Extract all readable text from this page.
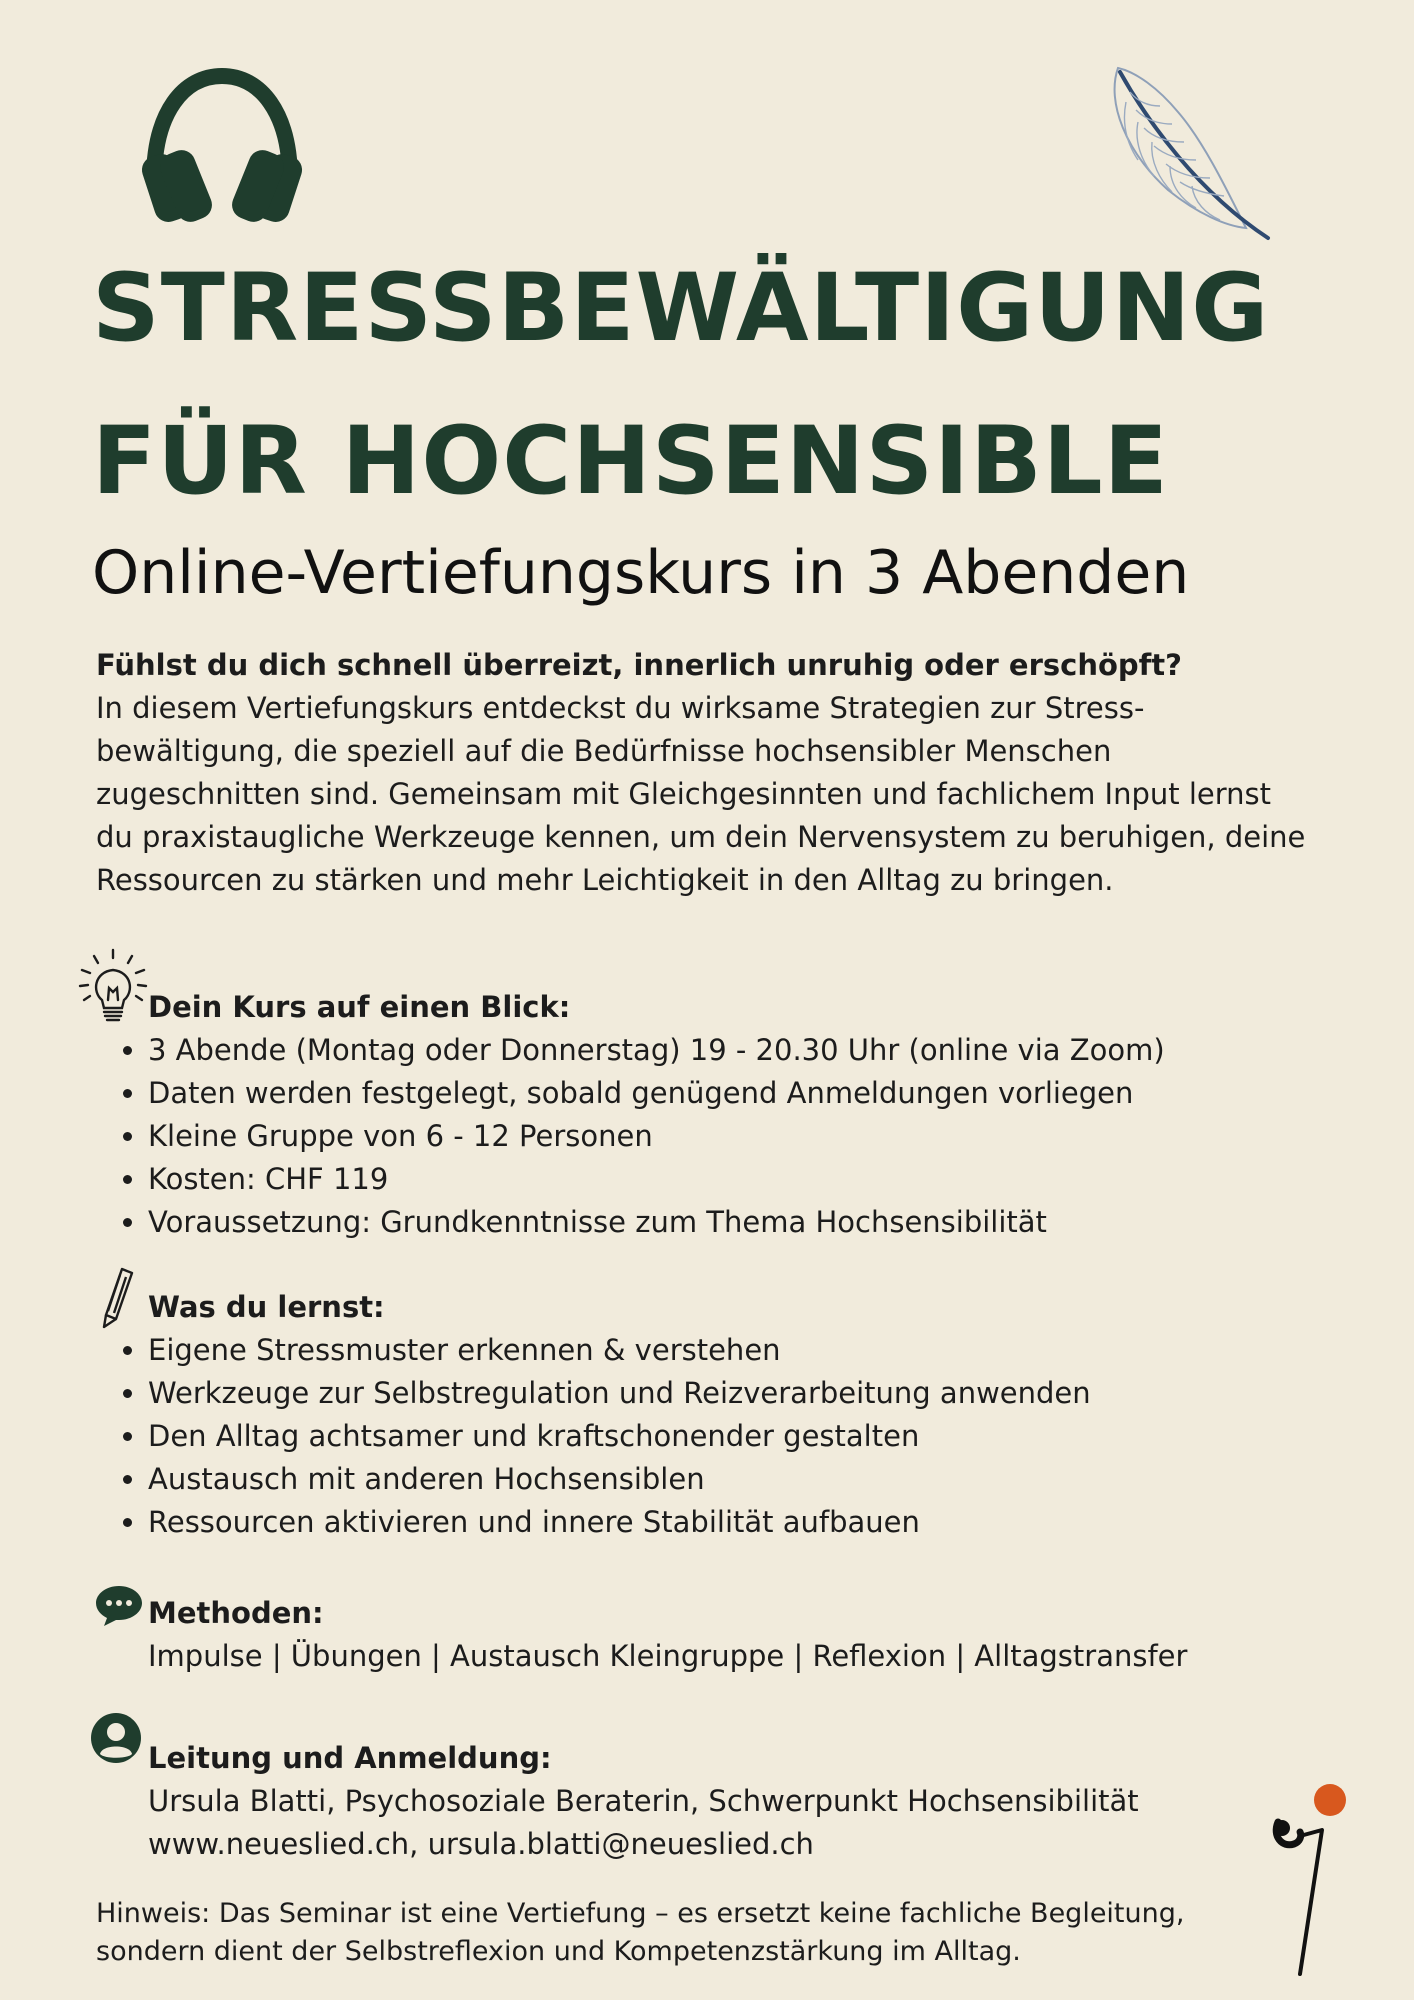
STRESSBEWÄLTIGUNG
FÜR HOCHSENSIBLE
Online-Vertiefungskurs in 3 Abenden
Fühlst du dich schnell überreizt, innerlich unruhig oder erschöpft?
In diesem Vertiefungskurs entdeckst du wirksame Strategien zur Stress-bewältigung, die speziell auf die Bedürfnisse hochsensibler Menschen zugeschnitten sind. Gemeinsam mit Gleichgesinnten und fachlichem Input lernst du praxistaugliche Werkzeuge kennen, um dein Nervensystem zu beruhigen, deine Ressourcen zu stärken und mehr Leichtigkeit in den Alltag zu bringen.
Dein Kurs auf einen Blick:
• 3 Abende (Montag oder Donnerstag) 19 - 20.30 Uhr (online via Zoom)
• Daten werden festgelegt, sobald genügend Anmeldungen vorliegen
• Kleine Gruppe von 6 - 12 Personen
• Kosten: CHF 119
• Voraussetzung: Grundkenntnisse zum Thema Hochsensibilität
Was du lernst:
• Eigene Stressmuster erkennen & verstehen
• Werkzeuge zur Selbstregulation und Reizverarbeitung anwenden
• Den Alltag achtsamer und kraftschonender gestalten
• Austausch mit anderen Hochsensiblen
• Ressourcen aktivieren und innere Stabilität aufbauen
Methoden:
Impulse | Übungen | Austausch Kleingruppe | Reflexion | Alltagstransfer
Leitung und Anmeldung:
Ursula Blatti, Psychosoziale Beraterin, Schwerpunkt Hochsensibilität
www.neueslied.ch, ursula.blatti@neueslied.ch
Hinweis: Das Seminar ist eine Vertiefung – es ersetzt keine fachliche Begleitung,
sondern dient der Selbstreflexion und Kompetenzstärkung im Alltag.
